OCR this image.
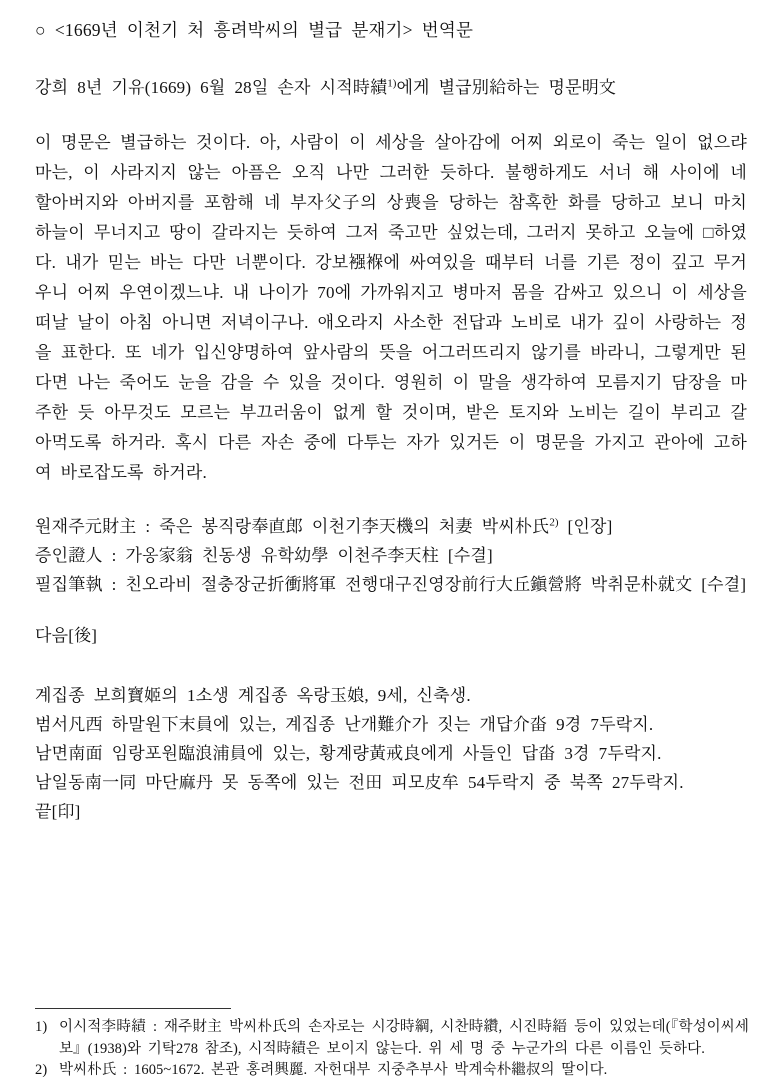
○ <1669년 이천기 처 흥려박씨의 별급 분재기> 번역문
강희 8년 기유(1669) 6월 28일 손자 시적時績$^{1)}$에게 별급別給하는 명문明文
이 명문은 별급하는 것이다. 아, 사람이 이 세상을 살아감에 어찌 외로이 죽는 일이 없으랴마는, 이 사라지지 않는 아픔은 오직 나만 그러한 듯하다. 불행하게도 서너 해 사이에 네 할아버지와 아버지를 포함해 네 부자父子의 상喪을 당하는 참혹한 화를 당하고 보니 마치 하늘이 무너지고 땅이 갈라지는 듯하여 그저 죽고만 싶었는데, 그러지 못하고 오늘에 □하였다. 내가 믿는 바는 다만 너뿐이다. 강보襁褓에 싸여있을 때부터 너를 기른 정이 깊고 무거우니 어찌 우연이겠느냐. 내 나이가 70에 가까워지고 병마저 몸을 감싸고 있으니 이 세상을 떠날 날이 아침 아니면 저녁이구나. 애오라지 사소한 전답과 노비로 내가 깊이 사랑하는 정을 표한다. 또 네가 입신양명하여 앞사람의 뜻을 어그러뜨리지 않기를 바라니, 그렇게만 된다면 나는 죽어도 눈을 감을 수 있을 것이다. 영원히 이 말을 생각하여 모름지기 담장을 마주한 듯 아무것도 모르는 부끄러움이 없게 할 것이며, 받은 토지와 노비는 길이 부리고 갈아먹도록 하거라. 혹시 다른 자손 중에 다투는 자가 있거든 이 명문을 가지고 관아에 고하여 바로잡도록 하거라.
원재주元財主 : 죽은 봉직랑奉直郎 이천기李天機의 처妻 박씨朴氏$^{2)}$ [인장]
증인證人 : 가옹家翁 친동생 유학幼學 이천주李天柱 [수결]
필집筆執 : 친오라비 절충장군折衝將軍 전행대구진영장前行大丘鎭營將 박취문朴就文 [수결]
다음[後]
계집종 보희寶姬의 1소생 계집종 옥랑玉娘, 9세, 신축생.
범서凡西 하말원下末員에 있는, 계집종 난개難介가 짓는 개답介畓 9경 7두락지.
남면南面 임랑포원臨浪浦員에 있는, 황계량黃戒良에게 사들인 답畓 3경 7두락지.
남일동南一同 마단麻丹 못 동쪽에 있는 전田 피모皮牟 54두락지 중 북쪽 27두락지.
끝[印]
1) 이시적李時績 : 재주財主 박씨朴氏의 손자로는 시강時綱, 시찬時纘, 시진時縉 등이 있었는데(『학성이씨세보』(1938)와 기탁278 참조), 시적時績은 보이지 않는다. 위 세 명 중 누군가의 다른 이름인 듯하다.
2) 박씨朴氏 : 1605~1672. 본관 홍려興麗. 자헌대부 지중추부사 박계숙朴繼叔의 딸이다.
